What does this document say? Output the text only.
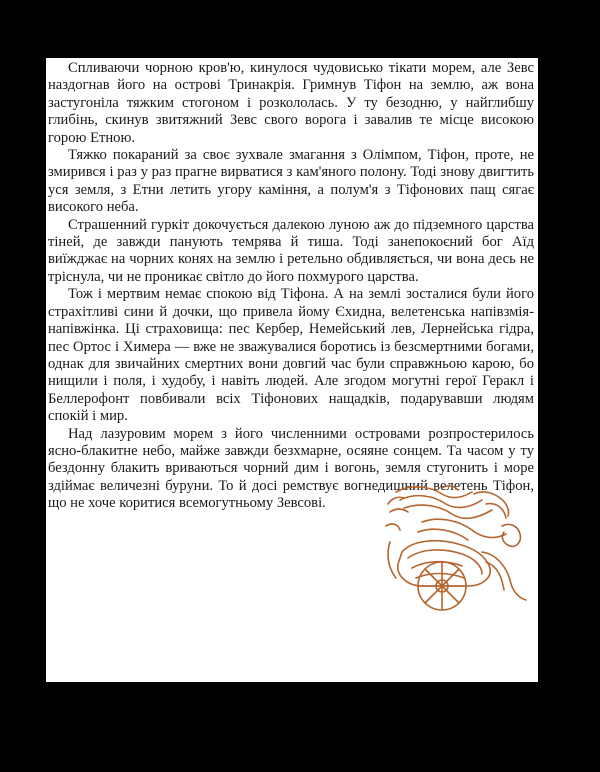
Спливаючи чорною кров'ю, кинулося чудовисько тікати морем, але Зевс наздогнав його на острові Тринакрія. Гримнув Тіфон на землю, аж вона застугоніла тяжким стогоном і розкололась. У ту безодню, у найглибшу глибінь, скинув звитяжний Зевс свого ворога і завалив те місце високою горою Етною.

Тяжко покараний за своє зухвале змагання з Олімпом, Тіфон, проте, не змирився і раз у раз прагне вирватися з кам'яного полону. Тоді знову двигтить уся земля, з Етни летить угору каміння, а полум'я з Тіфонових пащ сягає високого неба.

Страшенний гуркіт докочується далекою луною аж до підземного царства тіней, де завжди панують темрява й тиша. Тоді занепокоєний бог Аїд виїжджає на чорних конях на землю і ретельно обдивляється, чи вона десь не тріснула, чи не проникає світло до його похмурого царства.

Тож і мертвим немає спокою від Тіфона. А на землі зосталися були його страхітливі сини й дочки, що привела йому Єхидна, велетенська напівзмія-напівжінка. Ці страховища: пес Кербер, Немейський лев, Лернейська гідра, пес Ортос і Химера — вже не зважувалися боротись із безсмертними богами, однак для звичайних смертних вони довгий час були справжньою карою, бо нищили і поля, і худобу, і навіть людей. Але згодом могутні герої Геракл і Беллерофонт повбивали всіх Тіфонових нащадків, подарувавши людям спокій і мир.

Над лазуровим морем з його численними островами розпростерилось ясно-блакитне небо, майже завжди безхмарне, осяяне сонцем. Та часом у ту бездонну блакить вриваються чорний дим і вогонь, земля стугонить і море здіймає величезні буруни. То й досі ремствує вогнедишний велетень Тіфон, що не хоче коритися всемогутньому Зевсові.
